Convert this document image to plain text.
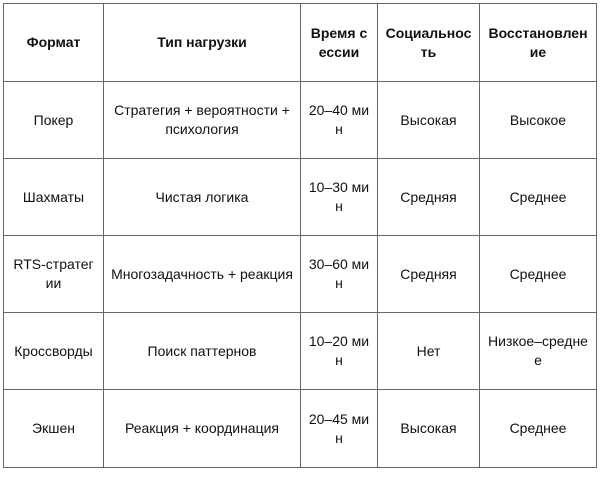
Формат	Тип нагрузки	Время сессии	Социальность	Восстановление
Покер	Стратегия + вероятности + психология	20–40 мин	Высокая	Высокое
Шахматы	Чистая логика	10–30 мин	Средняя	Среднее
RTS-стратегии	Многозадачность + реакция	30–60 мин	Средняя	Среднее
Кроссворды	Поиск паттернов	10–20 мин	Нет	Низкое–среднее
Экшен	Реакция + координация	20–45 мин	Высокая	Среднее
